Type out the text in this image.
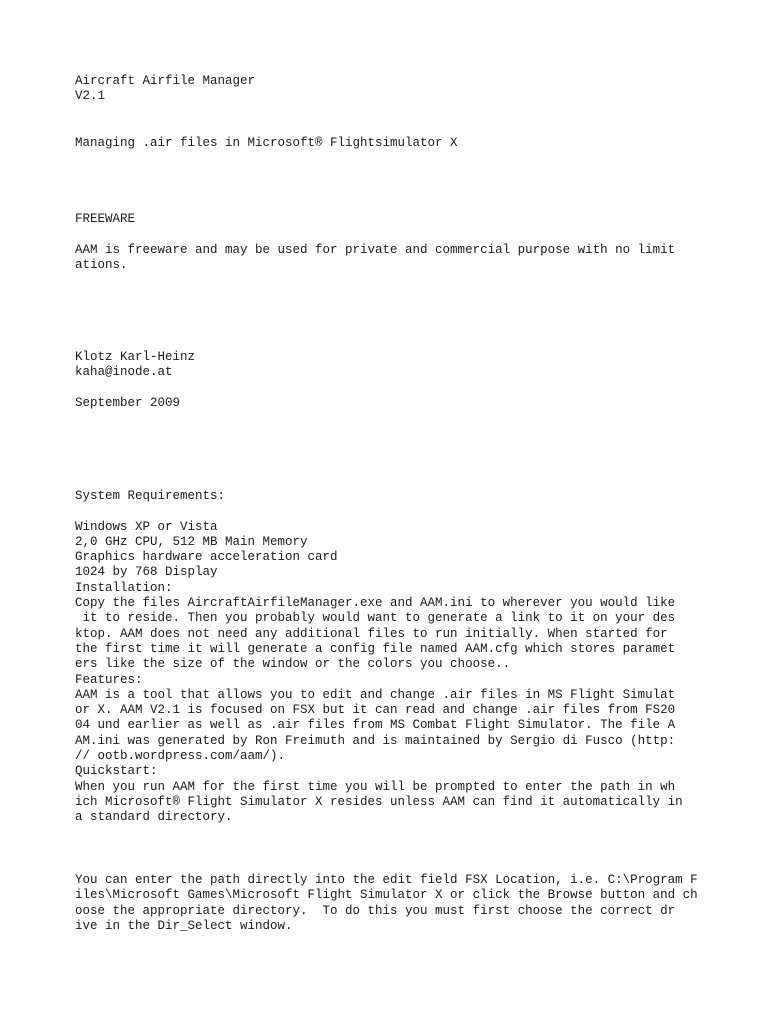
Aircraft Airfile Manager
V2.1
Managing .air files in Microsoft® Flightsimulator X
FREEWARE

AAM is freeware and may be used for private and commercial purpose with no limit
ations.
Klotz Karl-Heinz
kaha@inode.at

September 2009
System Requirements:
Windows XP or Vista
2,0 GHz CPU, 512 MB Main Memory
Graphics hardware acceleration card
1024 by 768 Display
Installation:
Copy the files AircraftAirfileManager.exe and AAM.ini to wherever you would like
it to reside. Then you probably would want to generate a link to it on your des
ktop. AAM does not need any additional files to run initially. When started for
the first time it will generate a config file named AAM.cfg which stores paramet
ers like the size of the window or the colors you choose..
Features:
AAM is a tool that allows you to edit and change .air files in MS Flight Simulat
or X. AAM V2.1 is focused on FSX but it can read and change .air files from FS20
04 und earlier as well as .air files from MS Combat Flight Simulator. The file A
AM.ini was generated by Ron Freimuth and is maintained by Sergio di Fusco (http:
// ootb.wordpress.com/aam/).
Quickstart:
When you run AAM for the first time you will be prompted to enter the path in wh
ich Microsoft® Flight Simulator X resides unless AAM can find it automatically in
a standard directory.
You can enter the path directly into the edit field FSX Location, i.e. C:\Program F
iles\Microsoft Games\Microsoft Flight Simulator X or click the Browse button and ch
oose the appropriate directory.  To do this you must first choose the correct dr
ive in the Dir_Select window.
